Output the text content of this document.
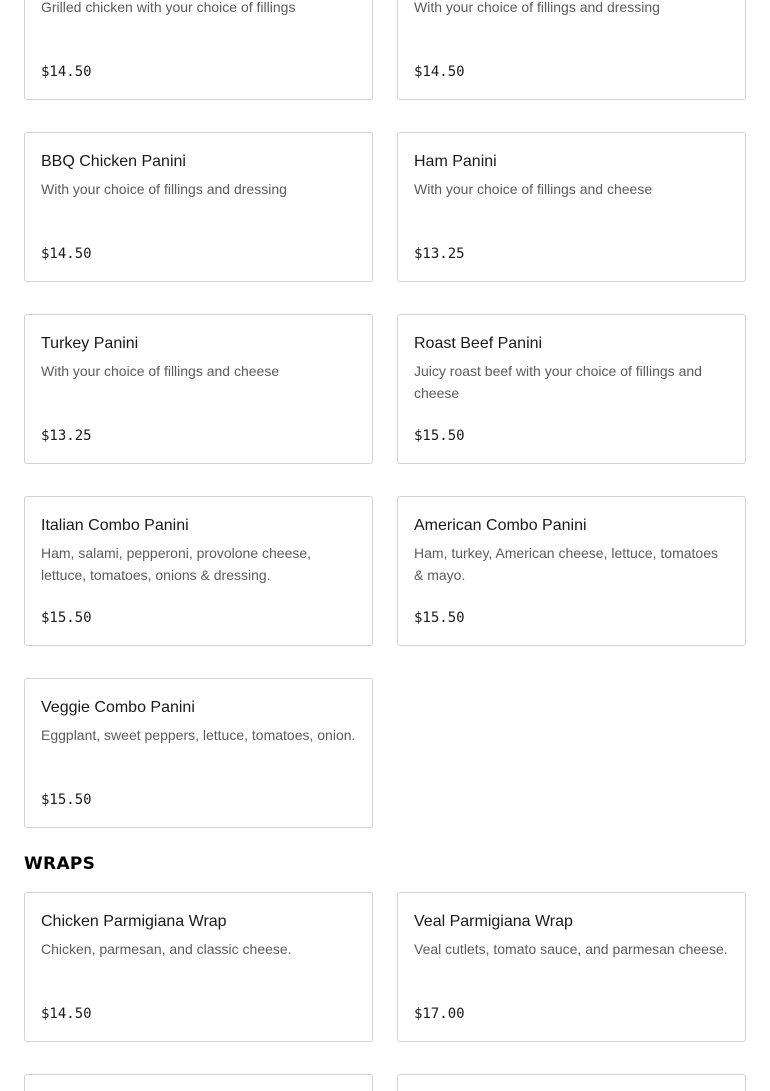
Grilled chicken with your choice of fillings
$14.50
With your choice of fillings and dressing
$14.50
BBQ Chicken Panini
With your choice of fillings and dressing
$14.50
Ham Panini
With your choice of fillings and cheese
$13.25
Turkey Panini
With your choice of fillings and cheese
$13.25
Roast Beef Panini
Juicy roast beef with your choice of fillings and cheese
$15.50
Italian Combo Panini
Ham, salami, pepperoni, provolone cheese, lettuce, tomatoes, onions & dressing.
$15.50
American Combo Panini
Ham, turkey, American cheese, lettuce, tomatoes & mayo.
$15.50
Veggie Combo Panini
Eggplant, sweet peppers, lettuce, tomatoes, onion.
$15.50
WRAPS
Chicken Parmigiana Wrap
Chicken, parmesan, and classic cheese.
$14.50
Veal Parmigiana Wrap
Veal cutlets, tomato sauce, and parmesan cheese.
$17.00
